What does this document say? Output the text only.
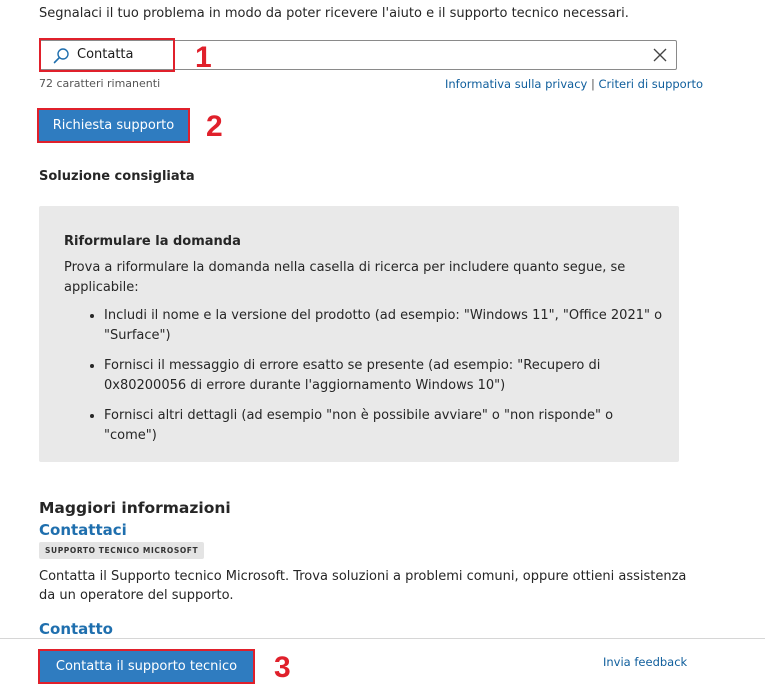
Segnalaci il tuo problema in modo da poter ricevere l'aiuto e il supporto tecnico necessari.
Contatta 1
72 caratteri rimanenti	Informativa sulla privacy | Criteri di supporto
Richiesta supporto	2
Soluzione consigliata
Riformulare la domanda
Prova a riformulare la domanda nella casella di ricerca per includere quanto segue, se applicabile:
• Includi il nome e la versione del prodotto (ad esempio: "Windows 11", "Office 2021" o "Surface")
• Fornisci il messaggio di errore esatto se presente (ad esempio: "Recupero di 0x80200056 di errore durante l'aggiornamento Windows 10")
• Fornisci altri dettagli (ad esempio "non è possibile avviare" o "non risponde" o "come")
Maggiori informazioni
Contattaci
SUPPORTO TECNICO MICROSOFT
Contatta il Supporto tecnico Microsoft. Trova soluzioni a problemi comuni, oppure ottieni assistenza da un operatore del supporto.
Contatto
Contatta il supporto tecnico	3	Invia feedback
